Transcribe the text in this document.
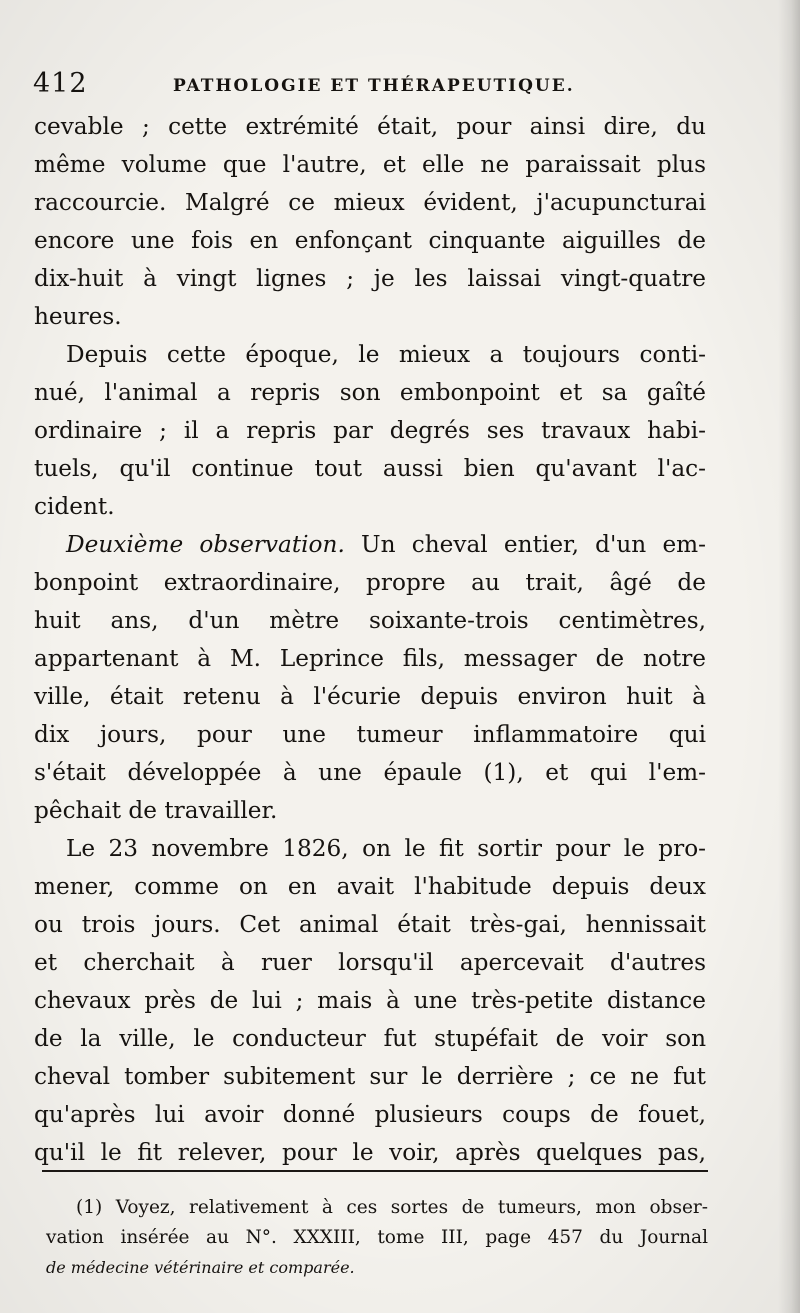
412	PATHOLOGIE ET THÉRAPEUTIQUE.
cevable ; cette extrémité était, pour ainsi dire, du
même volume que l'autre, et elle ne paraissait plus
raccourcie. Malgré ce mieux évident, j'acupuncturai
encore une fois en enfonçant cinquante aiguilles de
dix-huit à vingt lignes ; je les laissai vingt-quatre
heures.
Depuis cette époque, le mieux a toujours conti-
nué, l'animal a repris son embonpoint et sa gaîté
ordinaire ; il a repris par degrés ses travaux habi-
tuels, qu'il continue tout aussi bien qu'avant l'ac-
cident.
Deuxième observation. Un cheval entier, d'un em-
bonpoint extraordinaire, propre au trait, âgé de
huit ans, d'un mètre soixante-trois centimètres,
appartenant à M. Leprince fils, messager de notre
ville, était retenu à l'écurie depuis environ huit à
dix jours, pour une tumeur inflammatoire qui
s'était développée à une épaule (1), et qui l'em-
pêchait de travailler.
Le 23 novembre 1826, on le fit sortir pour le pro-
mener, comme on en avait l'habitude depuis deux
ou trois jours. Cet animal était très-gai, hennissait
et cherchait à ruer lorsqu'il apercevait d'autres
chevaux près de lui ; mais à une très-petite distance
de la ville, le conducteur fut stupéfait de voir son
cheval tomber subitement sur le derrière ; ce ne fut
qu'après lui avoir donné plusieurs coups de fouet,
qu'il le fit relever, pour le voir, après quelques pas,
(1) Voyez, relativement à ces sortes de tumeurs, mon obser-
vation insérée au N°. XXXIII, tome III, page 457 du Journal
de médecine vétérinaire et comparée.
